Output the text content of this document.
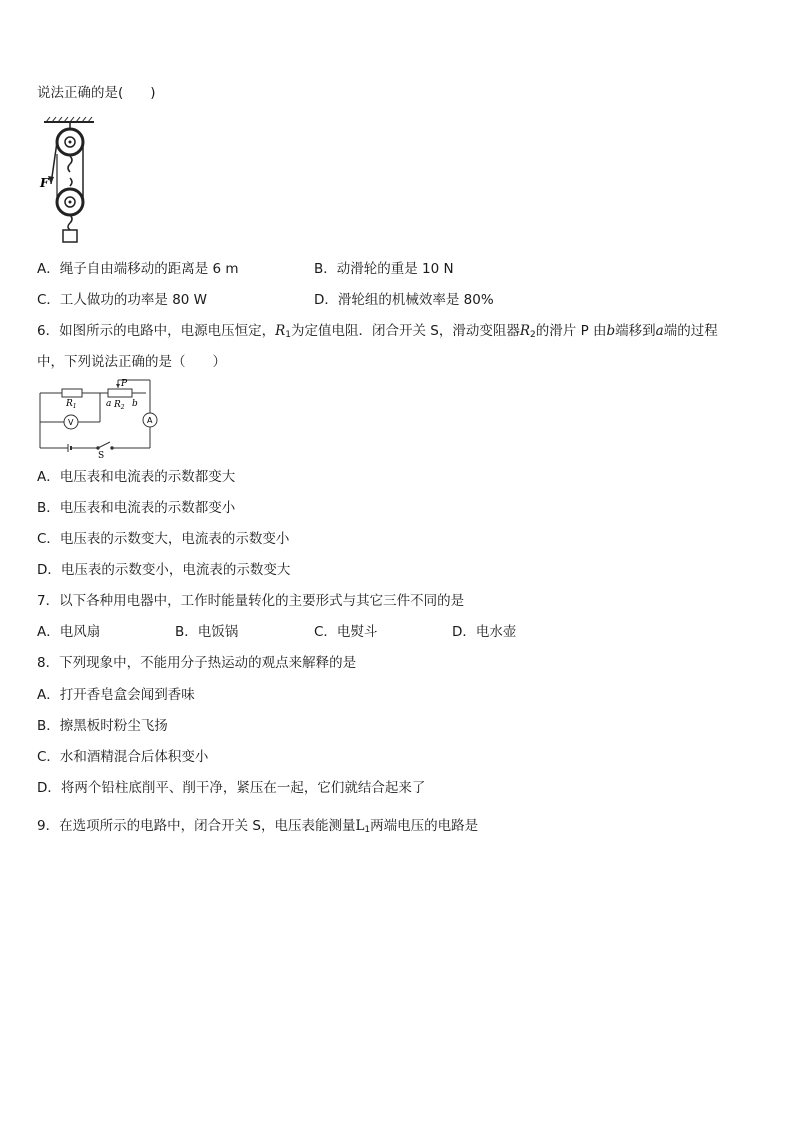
说法正确的是(　　)
F
A．绳子自由端移动的距离是 6 m	B．动滑轮的重是 10 N
C．工人做功的功率是 80 W	D．滑轮组的机械效率是 80%
6．如图所示的电路中，电源电压恒定，$R_1$为定值电阻．闭合开关 S，滑动变阻器$R_2$的滑片 P 由b端移到a端的过程
中，下列说法正确的是（　　）
P
$R_1$	a $R_2$ b
V	A
S
A．电压表和电流表的示数都变大
B．电压表和电流表的示数都变小
C．电压表的示数变大，电流表的示数变小
D．电压表的示数变小，电流表的示数变大
7．以下各种用电器中，工作时能量转化的主要形式与其它三件不同的是
A．电风扇	B．电饭锅	C．电熨斗	D．电水壶
8．下列现象中，不能用分子热运动的观点来解释的是
A．打开香皂盒会闻到香味
B．擦黑板时粉尘飞扬
C．水和酒精混合后体积变小
D．将两个铅柱底削平、削干净，紧压在一起，它们就结合起来了
9．在选项所示的电路中，闭合开关 S，电压表能测量$L_1$两端电压的电路是
